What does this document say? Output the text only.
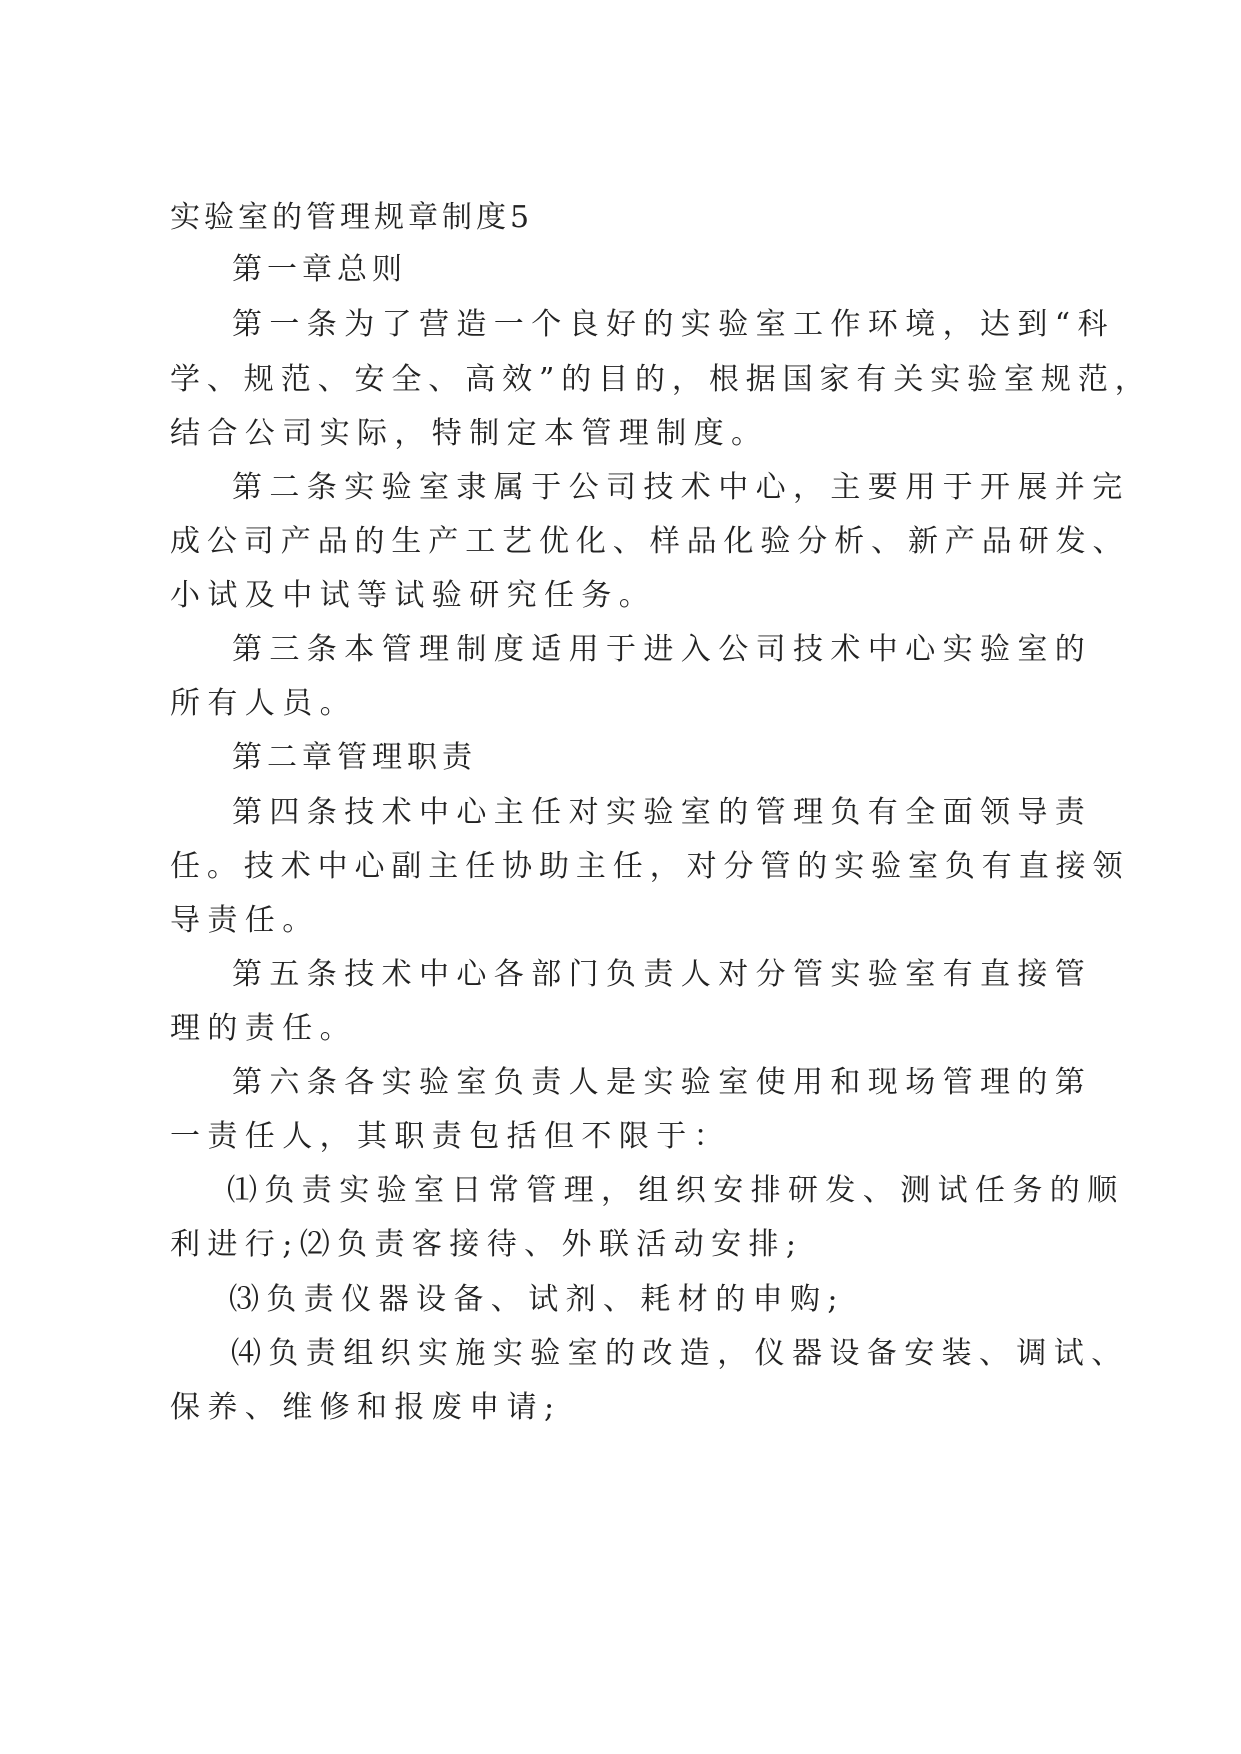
实验室的管理规章制度5
第一章总则
第一条为了营造一个良好的实验室工作环境，达到“科
学、规范、安全、高效”的目的，根据国家有关实验室规范，
结合公司实际，特制定本管理制度。
第二条实验室隶属于公司技术中心，主要用于开展并完
成公司产品的生产工艺优化、样品化验分析、新产品研发、
小试及中试等试验研究任务。
第三条本管理制度适用于进入公司技术中心实验室的
所有人员。
第二章管理职责
第四条技术中心主任对实验室的管理负有全面领导责
任。技术中心副主任协助主任，对分管的实验室负有直接领
导责任。
第五条技术中心各部门负责人对分管实验室有直接管
理的责任。
第六条各实验室负责人是实验室使用和现场管理的第
一责任人，其职责包括但不限于：
⑴负责实验室日常管理，组织安排研发、测试任务的顺
利进行;⑵负责客接待、外联活动安排;
⑶负责仪器设备、试剂、耗材的申购;
⑷负责组织实施实验室的改造，仪器设备安装、调试、
保养、维修和报废申请;
